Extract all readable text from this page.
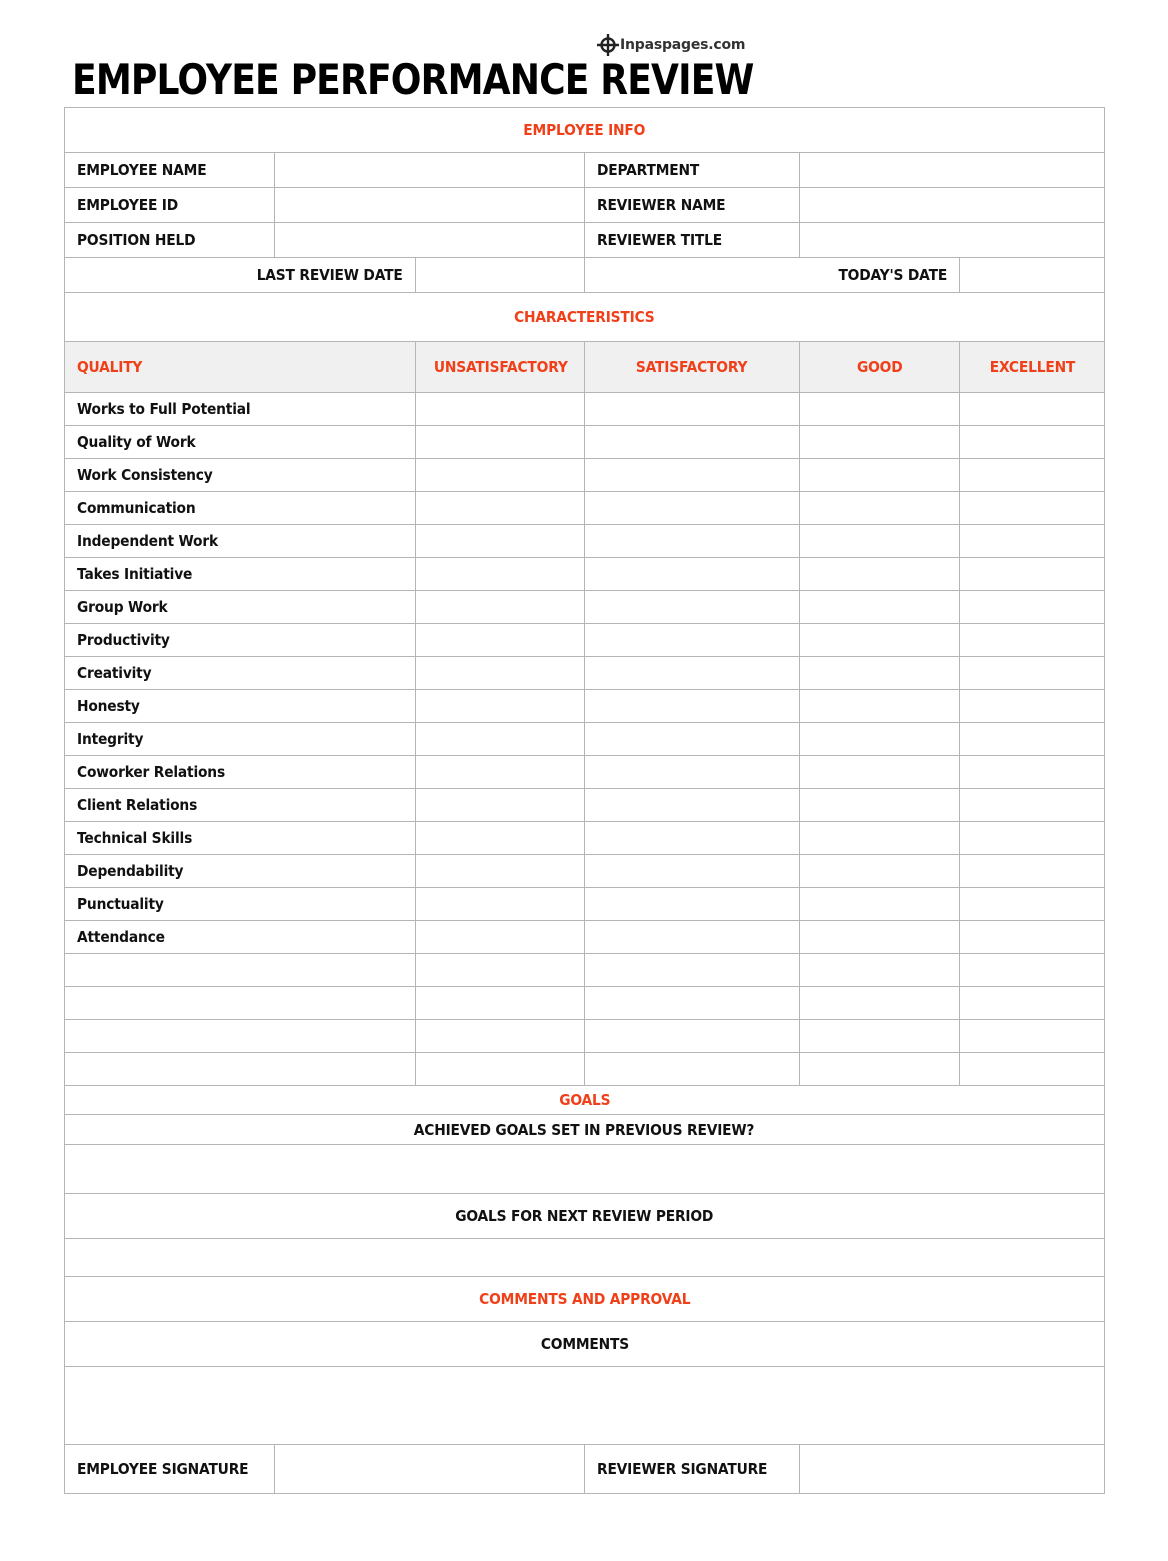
Inpaspages.com
EMPLOYEE PERFORMANCE REVIEW
EMPLOYEE INFO					
EMPLOYEE NAME			DEPARTMENT		
EMPLOYEE ID			REVIEWER NAME		
POSITION HELD			REVIEWER TITLE		
LAST REVIEW DATE			TODAY'S DATE		
CHARACTERISTICS					
QUALITY		UNSATISFACTORY	SATISFACTORY	GOOD	EXCELLENT
Works to Full Potential					
Quality of Work					
Work Consistency					
Communication					
Independent Work					
Takes Initiative					
Group Work					
Productivity					
Creativity					
Honesty					
Integrity					
Coworker Relations					
Client Relations					
Technical Skills					
Dependability					
Punctuality					
Attendance					

GOALS					
ACHIEVED GOALS SET IN PREVIOUS REVIEW?					

GOALS FOR NEXT REVIEW PERIOD					

COMMENTS AND APPROVAL					
COMMENTS					

EMPLOYEE SIGNATURE			REVIEWER SIGNATURE		
